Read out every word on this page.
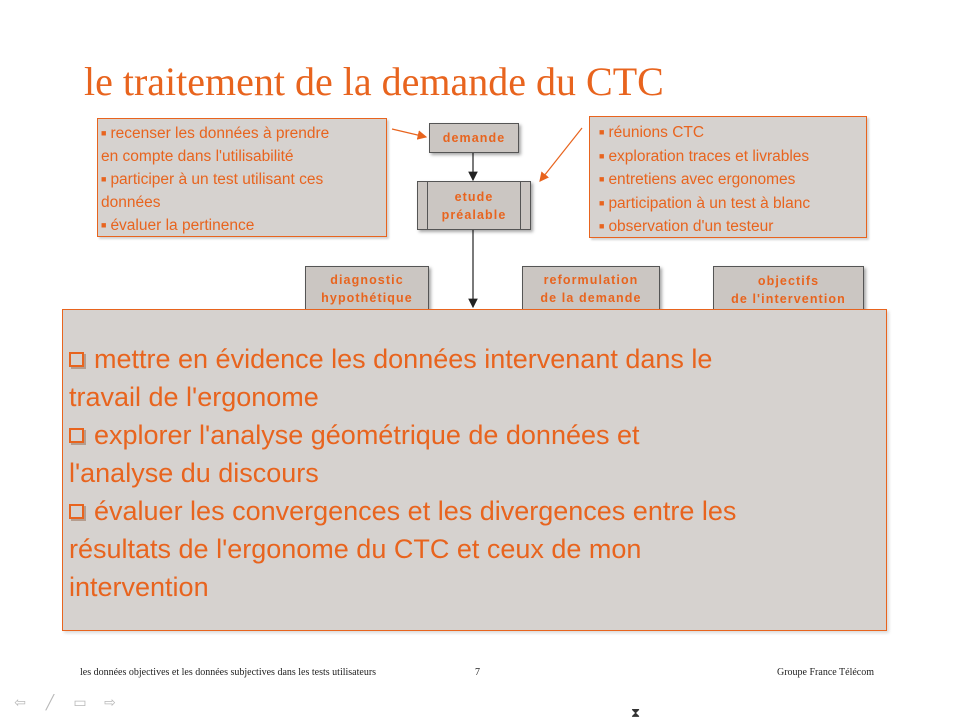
le traitement de la demande du CTC
■ recenser les données à prendre
en compte dans l'utilisabilité
■ participer à un test utilisant ces
données
■ évaluer la pertinence
■ réunions CTC
■ exploration traces et livrables
■ entretiens avec ergonomes
■ participation à un test à blanc
■ observation d'un testeur
demande
etude
préalable
diagnostic
hypothétique
reformulation
de la demande
objectifs
de l'intervention
mettre en évidence les données intervenant dans le
travail de l'ergonome
explorer l'analyse géométrique de données et
l'analyse du discours
évaluer les convergences et les divergences entre les
résultats de l'ergonome du CTC et ceux de mon
intervention
les données objectives et les données subjectives dans les tests utilisateurs	7	Groupe France Télécom
⇦	╱	▭	⇨
⧗
